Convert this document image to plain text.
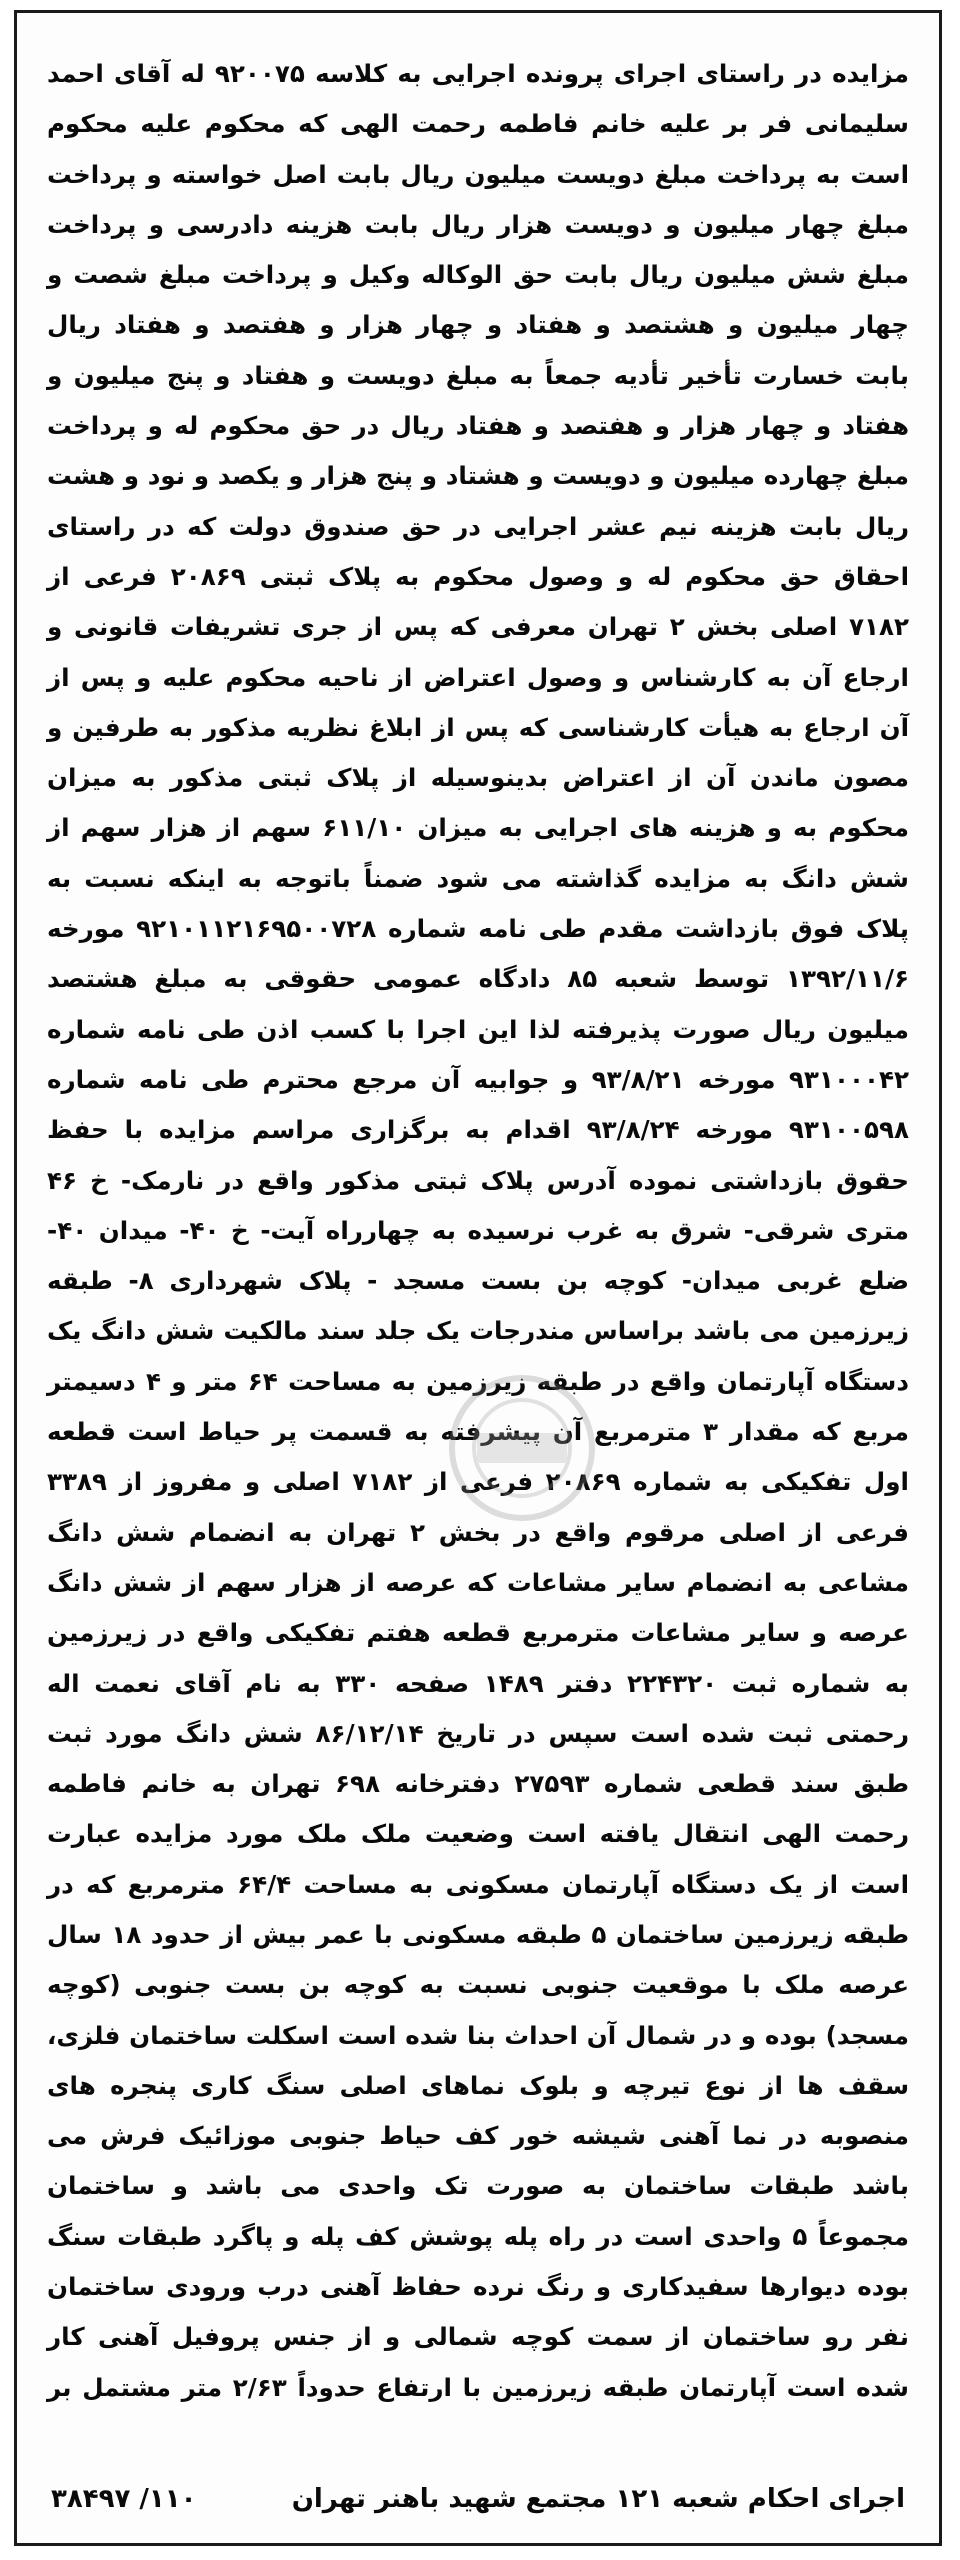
مزایده در راستای اجرای پرونده اجرایی به کلاسه ۹۲۰۰۷۵ له آقای احمد سلیمانی فر بر علیه خانم فاطمه رحمت الهی که محکوم علیه محکوم است به پرداخت مبلغ دویست میلیون ریال بابت اصل خواسته و پرداخت مبلغ چهار میلیون و دویست هزار ریال بابت هزینه دادرسی و پرداخت مبلغ شش میلیون ریال بابت حق الوکاله وکیل و پرداخت مبلغ شصت و چهار میلیون و هشتصد و هفتاد و چهار هزار و هفتصد و هفتاد ریال بابت خسارت تأخیر تأدیه جمعاً به مبلغ دویست و هفتاد و پنج میلیون و هفتاد و چهار هزار و هفتصد و هفتاد ریال در حق محکوم له و پرداخت مبلغ چهارده میلیون و دویست و هشتاد و پنج هزار و یکصد و نود و هشت ریال بابت هزینه نیم عشر اجرایی در حق صندوق دولت که در راستای احقاق حق محکوم له و وصول محکوم به پلاک ثبتی ۲۰۸۶۹ فرعی از ۷۱۸۲ اصلی بخش ۲ تهران معرفی که پس از جری تشریفات قانونی و ارجاع آن به کارشناس و وصول اعتراض از ناحیه محکوم علیه و پس از آن ارجاع به هیأت کارشناسی که پس از ابلاغ نظریه مذکور به طرفین و مصون ماندن آن از اعتراض بدینوسیله از پلاک ثبتی مذکور به میزان محکوم به و هزینه های اجرایی به میزان ۶۱۱/۱۰ سهم از هزار سهم از شش دانگ به مزایده گذاشته می شود ضمناً باتوجه به اینکه نسبت به پلاک فوق بازداشت مقدم طی نامه شماره ۹۲۱۰۱۱۲۱۶۹۵۰۰۷۲۸ مورخه ۱۳۹۲/۱۱/۶ توسط شعبه ۸۵ دادگاه عمومی حقوقی به مبلغ هشتصد میلیون ریال صورت پذیرفته لذا این اجرا با کسب اذن طی نامه شماره ۹۳۱۰۰۰۴۲ مورخه ۹۳/۸/۲۱ و جوابیه آن مرجع محترم طی نامه شماره ۹۳۱۰۰۵۹۸ مورخه ۹۳/۸/۲۴ اقدام به برگزاری مراسم مزایده با حفظ حقوق بازداشتی نموده آدرس پلاک ثبتی مذکور واقع در نارمک- خ ۴۶ متری شرقی- شرق به غرب نرسیده به چهارراه آیت- خ ۴۰- میدان ۴۰- ضلع غربی میدان- کوچه بن بست مسجد - پلاک شهرداری ۸- طبقه زیرزمین می باشد براساس مندرجات یک جلد سند مالکیت شش دانگ یک دستگاه آپارتمان واقع در طبقه زیرزمین به مساحت ۶۴ متر و ۴ دسیمتر مربع که مقدار ۳ مترمربع آن پیشرفته به قسمت پر حیاط است قطعه اول تفکیکی به شماره ۲۰۸۶۹ فرعی از ۷۱۸۲ اصلی و مفروز از ۳۳۸۹ فرعی از اصلی مرقوم واقع در بخش ۲ تهران به انضمام شش دانگ مشاعی به انضمام سایر مشاعات که عرصه از هزار سهم از شش دانگ عرصه و سایر مشاعات مترمربع قطعه هفتم تفکیکی واقع در زیرزمین به شماره ثبت ۲۲۴۳۲۰ دفتر ۱۴۸۹ صفحه ۳۳۰ به نام آقای نعمت اله رحمتی ثبت شده است سپس در تاریخ ۸۶/۱۲/۱۴ شش دانگ مورد ثبت طبق سند قطعی شماره ۲۷۵۹۳ دفترخانه ۶۹۸ تهران به خانم فاطمه رحمت الهی انتقال یافته است وضعیت ملک ملک مورد مزایده عبارت است از یک دستگاه آپارتمان مسکونی به مساحت ۶۴/۴ مترمربع که در طبقه زیرزمین ساختمان ۵ طبقه مسکونی با عمر بیش از حدود ۱۸ سال عرصه ملک با موقعیت جنوبی نسبت به کوچه بن بست جنوبی (کوچه مسجد) بوده و در شمال آن احداث بنا شده است اسکلت ساختمان فلزی، سقف ها از نوع تیرچه و بلوک نماهای اصلی سنگ کاری پنجره های منصوبه در نما آهنی شیشه خور کف حیاط جنوبی موزائیک فرش می باشد طبقات ساختمان به صورت تک واحدی می باشد و ساختمان مجموعاً ۵ واحدی است در راه پله پوشش کف پله و پاگرد طبقات سنگ بوده دیوارها سفیدکاری و رنگ نرده حفاظ آهنی درب ورودی ساختمان نفر رو ساختمان از سمت کوچه شمالی و از جنس پروفیل آهنی کار شده است آپارتمان طبقه زیرزمین با ارتفاع حدوداً ۲/۶۳ متر مشتمل بر
اجرای احکام شعبه ۱۲۱ مجتمع شهید باهنر تهران
۳۸۴۹۷ /۱۱۰
